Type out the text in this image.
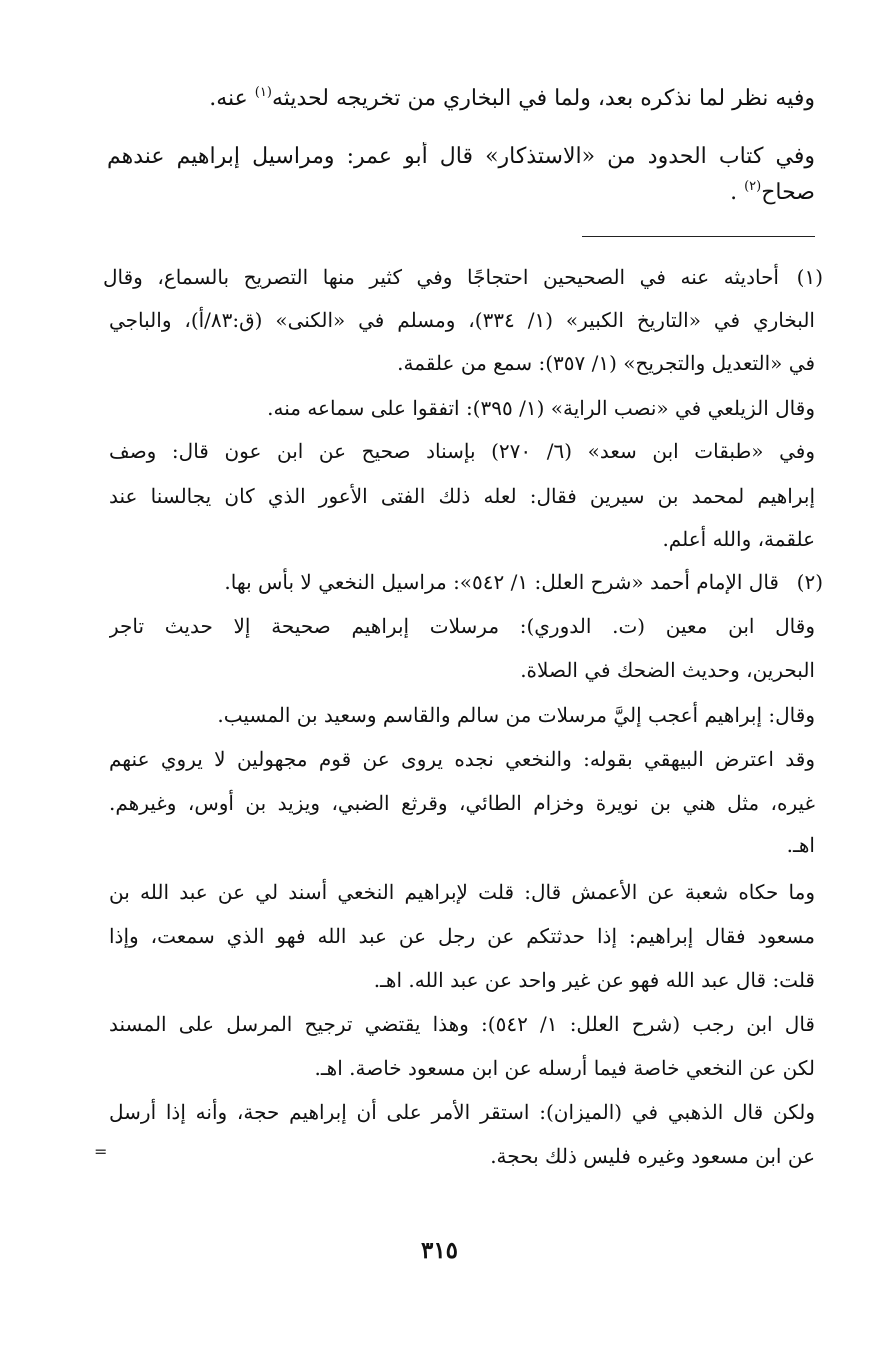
وفيه نظر لما نذكره بعد، ولما في البخاري من تخريجه لحديثه$^{(١)}$ عنه.
وفي كتاب الحدود من «الاستذكار» قال أبو عمر: ومراسيل إبراهيم عندهم
صحاح$^{(٢)}$ .
(١)
أحاديثه عنه في الصحيحين احتجاجًا وفي كثير منها التصريح بالسماع، وقال
البخاري في «التاريخ الكبير» (١/ ٣٣٤)، ومسلم في «الكنى» (ق:٨٣/أ)، والباجي
في «التعديل والتجريح» (١/ ٣٥٧): سمع من علقمة.
وقال الزيلعي في «نصب الراية» (١/ ٣٩٥): اتفقوا على سماعه منه.
وفي «طبقات ابن سعد» (٦/ ٢٧٠) بإسناد صحيح عن ابن عون قال: وصف
إبراهيم لمحمد بن سيرين فقال: لعله ذلك الفتى الأعور الذي كان يجالسنا عند
علقمة، والله أعلم.
(٢)
قال الإمام أحمد «شرح العلل: ١/ ٥٤٢»: مراسيل النخعي لا بأس بها.
وقال ابن معين (ت. الدوري): مرسلات إبراهيم صحيحة إلا حديث تاجر
البحرين، وحديث الضحك في الصلاة.
وقال: إبراهيم أعجب إليَّ مرسلات من سالم والقاسم وسعيد بن المسيب.
وقد اعترض البيهقي بقوله: والنخعي نجده يروى عن قوم مجهولين لا يروي عنهم
غيره، مثل هني بن نويرة وخزام الطائي، وقرثع الضبي، ويزيد بن أوس، وغيرهم.
اهـ.
وما حكاه شعبة عن الأعمش قال: قلت لإبراهيم النخعي أسند لي عن عبد الله بن
مسعود فقال إبراهيم: إذا حدثتكم عن رجل عن عبد الله فهو الذي سمعت، وإذا
قلت: قال عبد الله فهو عن غير واحد عن عبد الله. اهـ.
قال ابن رجب (شرح العلل: ١/ ٥٤٢): وهذا يقتضي ترجيح المرسل على المسند
لكن عن النخعي خاصة فيما أرسله عن ابن مسعود خاصة. اهـ.
ولكن قال الذهبي في (الميزان): استقر الأمر على أن إبراهيم حجة، وأنه إذا أرسل
عن ابن مسعود وغيره فليس ذلك بحجة.
=
٣١٥
